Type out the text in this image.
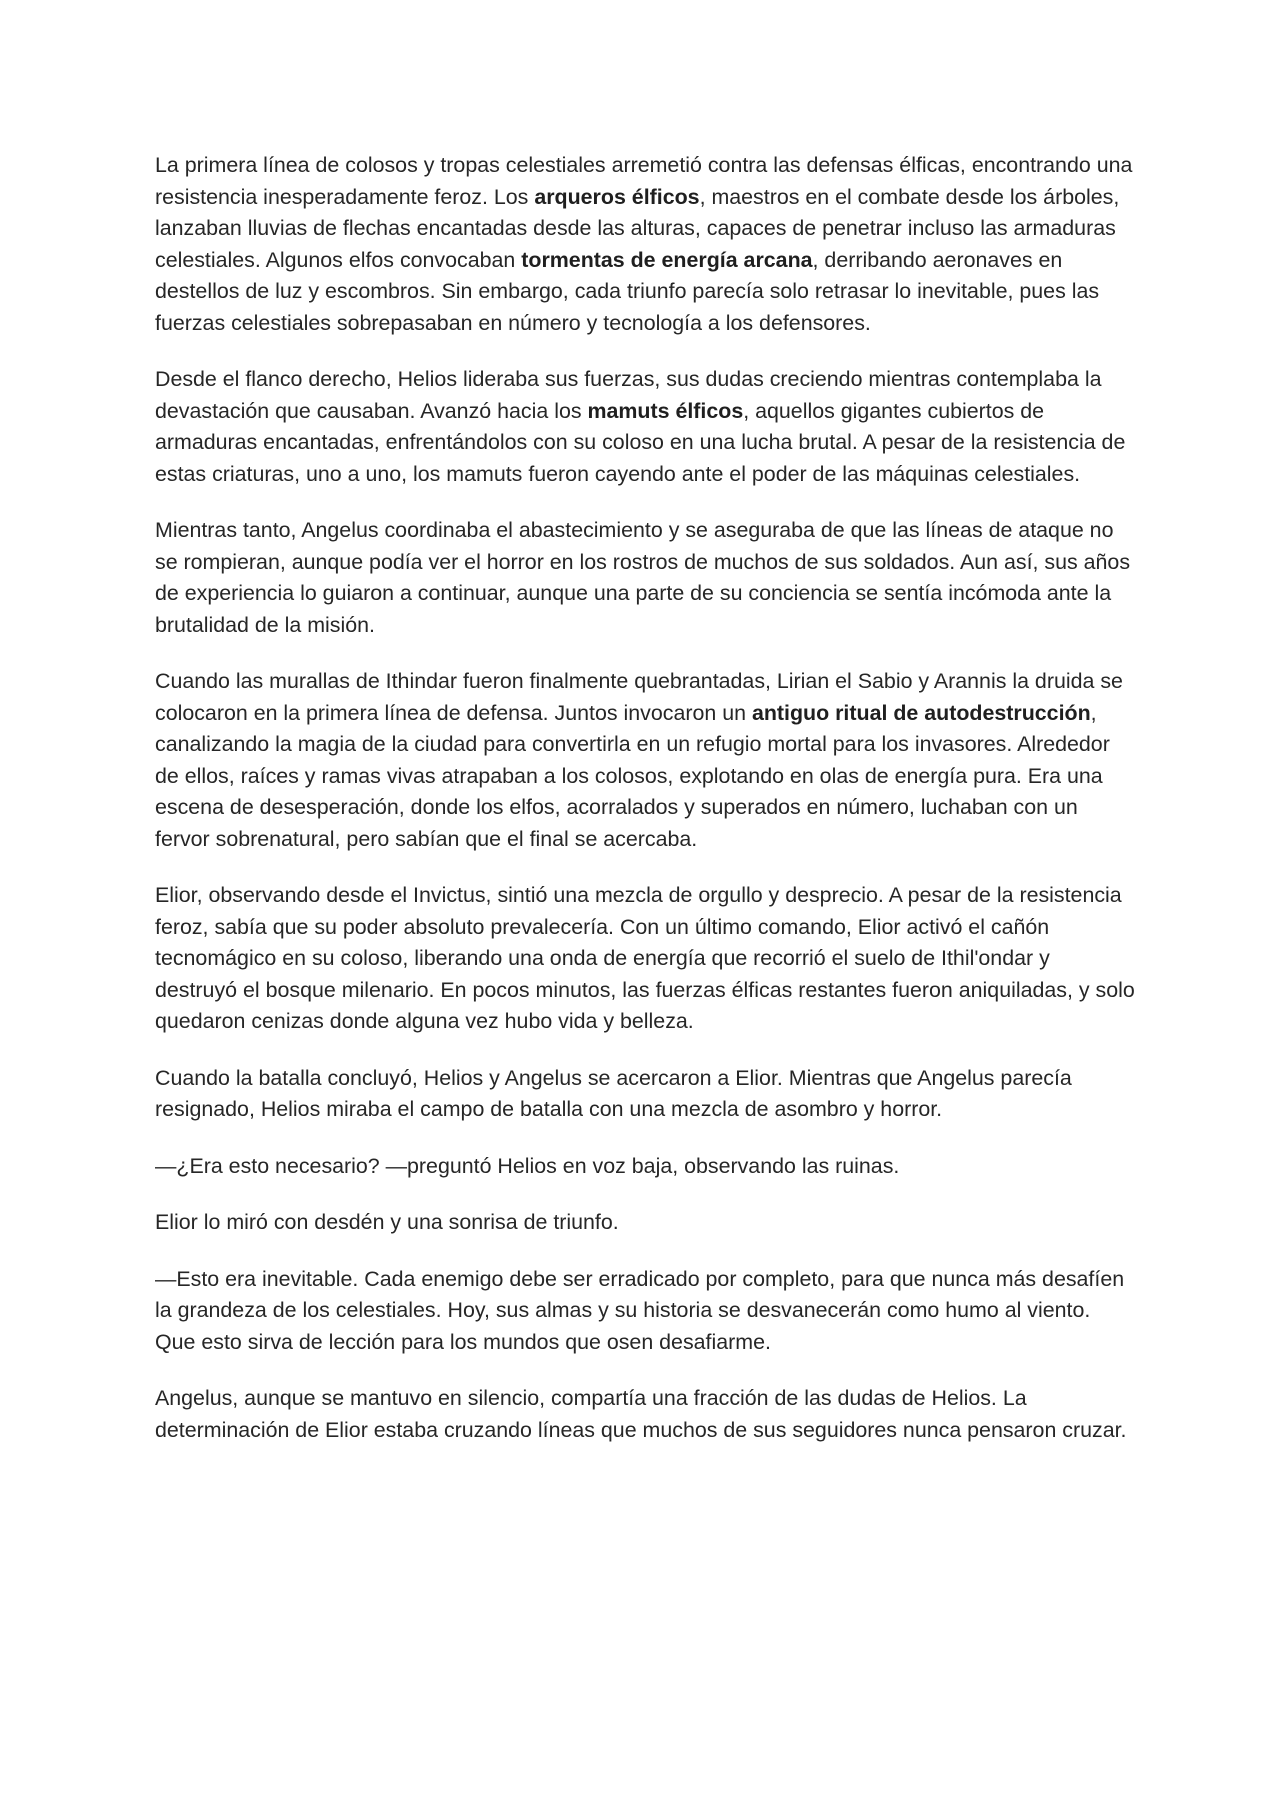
La primera línea de colosos y tropas celestiales arremetió contra las defensas élficas, encontrando una resistencia inesperadamente feroz. Los arqueros élficos, maestros en el combate desde los árboles, lanzaban lluvias de flechas encantadas desde las alturas, capaces de penetrar incluso las armaduras celestiales. Algunos elfos convocaban tormentas de energía arcana, derribando aeronaves en destellos de luz y escombros. Sin embargo, cada triunfo parecía solo retrasar lo inevitable, pues las fuerzas celestiales sobrepasaban en número y tecnología a los defensores.

Desde el flanco derecho, Helios lideraba sus fuerzas, sus dudas creciendo mientras contemplaba la devastación que causaban. Avanzó hacia los mamuts élficos, aquellos gigantes cubiertos de armaduras encantadas, enfrentándolos con su coloso en una lucha brutal. A pesar de la resistencia de estas criaturas, uno a uno, los mamuts fueron cayendo ante el poder de las máquinas celestiales.

Mientras tanto, Angelus coordinaba el abastecimiento y se aseguraba de que las líneas de ataque no se rompieran, aunque podía ver el horror en los rostros de muchos de sus soldados. Aun así, sus años de experiencia lo guiaron a continuar, aunque una parte de su conciencia se sentía incómoda ante la brutalidad de la misión.

Cuando las murallas de Ithindar fueron finalmente quebrantadas, Lirian el Sabio y Arannis la druida se colocaron en la primera línea de defensa. Juntos invocaron un antiguo ritual de autodestrucción, canalizando la magia de la ciudad para convertirla en un refugio mortal para los invasores. Alrededor de ellos, raíces y ramas vivas atrapaban a los colosos, explotando en olas de energía pura. Era una escena de desesperación, donde los elfos, acorralados y superados en número, luchaban con un fervor sobrenatural, pero sabían que el final se acercaba.

Elior, observando desde el Invictus, sintió una mezcla de orgullo y desprecio. A pesar de la resistencia feroz, sabía que su poder absoluto prevalecería. Con un último comando, Elior activó el cañón tecnomágico en su coloso, liberando una onda de energía que recorrió el suelo de Ithil'ondar y destruyó el bosque milenario. En pocos minutos, las fuerzas élficas restantes fueron aniquiladas, y solo quedaron cenizas donde alguna vez hubo vida y belleza.

Cuando la batalla concluyó, Helios y Angelus se acercaron a Elior. Mientras que Angelus parecía resignado, Helios miraba el campo de batalla con una mezcla de asombro y horror.

—¿Era esto necesario? —preguntó Helios en voz baja, observando las ruinas.

Elior lo miró con desdén y una sonrisa de triunfo.

—Esto era inevitable. Cada enemigo debe ser erradicado por completo, para que nunca más desafíen la grandeza de los celestiales. Hoy, sus almas y su historia se desvanecerán como humo al viento. Que esto sirva de lección para los mundos que osen desafiarme.

Angelus, aunque se mantuvo en silencio, compartía una fracción de las dudas de Helios. La determinación de Elior estaba cruzando líneas que muchos de sus seguidores nunca pensaron cruzar.
